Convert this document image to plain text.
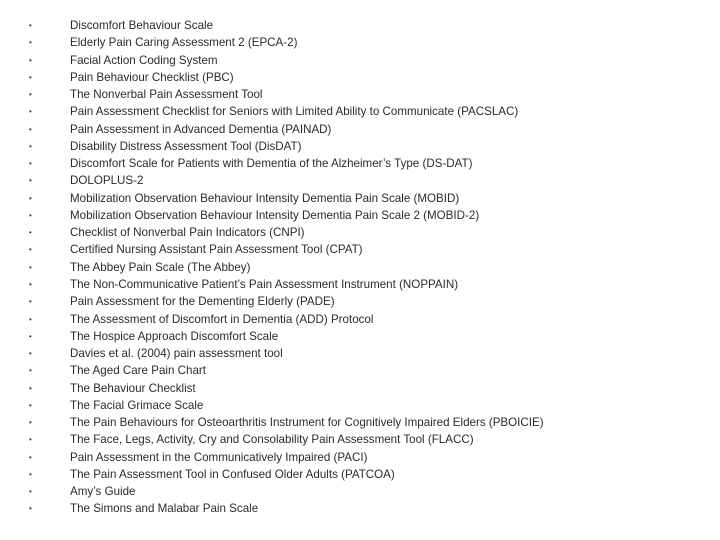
•	Discomfort Behaviour Scale
•	Elderly Pain Caring Assessment 2 (EPCA-2)
•	Facial Action Coding System
•	Pain Behaviour Checklist (PBC)
•	The Nonverbal Pain Assessment Tool
•	Pain Assessment Checklist for Seniors with Limited Ability to Communicate (PACSLAC)
•	Pain Assessment in Advanced Dementia (PAINAD)
•	Disability Distress Assessment Tool (DisDAT)
•	Discomfort Scale for Patients with Dementia of the Alzheimer’s Type (DS-DAT)
•	DOLOPLUS-2
•	Mobilization Observation Behaviour Intensity Dementia Pain Scale (MOBID)
•	Mobilization Observation Behaviour Intensity Dementia Pain Scale 2 (MOBID-2)
•	Checklist of Nonverbal Pain Indicators (CNPI)
•	Certified Nursing Assistant Pain Assessment Tool (CPAT)
•	The Abbey Pain Scale (The Abbey)
•	The Non-Communicative Patient’s Pain Assessment Instrument (NOPPAIN)
•	Pain Assessment for the Dementing Elderly (PADE)
•	The Assessment of Discomfort in Dementia (ADD) Protocol
•	The Hospice Approach Discomfort Scale
•	Davies et al. (2004) pain assessment tool
•	The Aged Care Pain Chart
•	The Behaviour Checklist
•	The Facial Grimace Scale
•	The Pain Behaviours for Osteoarthritis Instrument for Cognitively Impaired Elders (PBOICIE)
•	The Face, Legs, Activity, Cry and Consolability Pain Assessment Tool (FLACC)
•	Pain Assessment in the Communicatively Impaired (PACI)
•	The Pain Assessment Tool in Confused Older Adults (PATCOA)
•	Amy’s Guide
•	The Simons and Malabar Pain Scale
